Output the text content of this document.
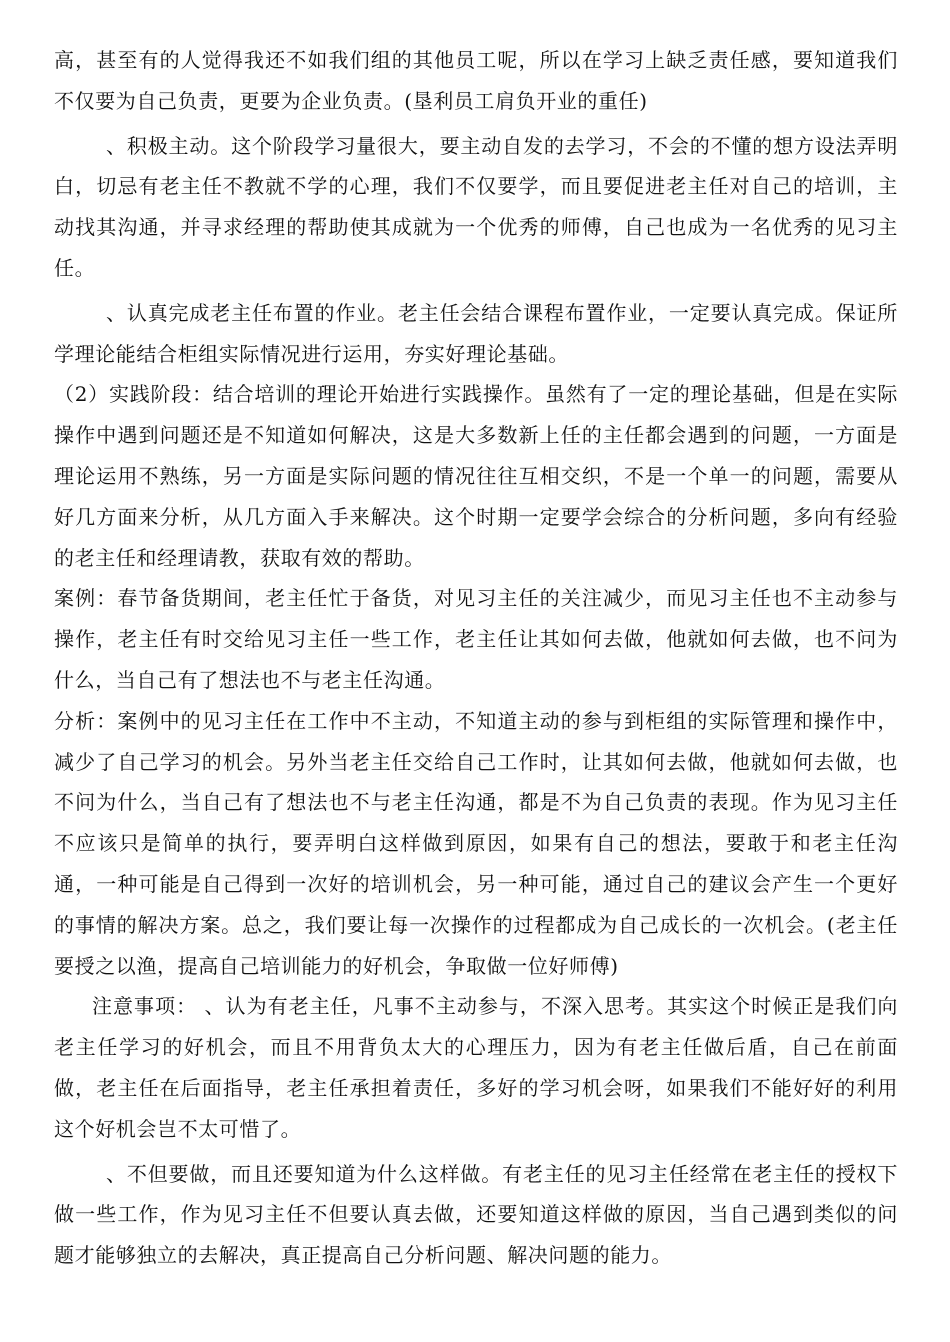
高，甚至有的人觉得我还不如我们组的其他员工呢，所以在学习上缺乏责任感，要知道我们不仅要为自己负责，更要为企业负责。(垦利员工肩负开业的重任)

、积极主动。这个阶段学习量很大，要主动自发的去学习，不会的不懂的想方设法弄明白，切忌有老主任不教就不学的心理，我们不仅要学，而且要促进老主任对自己的培训，主动找其沟通，并寻求经理的帮助使其成就为一个优秀的师傅，自己也成为一名优秀的见习主任。

、认真完成老主任布置的作业。老主任会结合课程布置作业，一定要认真完成。保证所学理论能结合柜组实际情况进行运用，夯实好理论基础。

（2）实践阶段：结合培训的理论开始进行实践操作。虽然有了一定的理论基础，但是在实际操作中遇到问题还是不知道如何解决，这是大多数新上任的主任都会遇到的问题，一方面是理论运用不熟练，另一方面是实际问题的情况往往互相交织，不是一个单一的问题，需要从好几方面来分析，从几方面入手来解决。这个时期一定要学会综合的分析问题，多向有经验的老主任和经理请教，获取有效的帮助。

案例：春节备货期间，老主任忙于备货，对见习主任的关注减少，而见习主任也不主动参与操作，老主任有时交给见习主任一些工作，老主任让其如何去做，他就如何去做，也不问为什么，当自己有了想法也不与老主任沟通。

分析：案例中的见习主任在工作中不主动，不知道主动的参与到柜组的实际管理和操作中，减少了自己学习的机会。另外当老主任交给自己工作时，让其如何去做，他就如何去做，也不问为什么，当自己有了想法也不与老主任沟通，都是不为自己负责的表现。作为见习主任不应该只是简单的执行，要弄明白这样做到原因，如果有自己的想法，要敢于和老主任沟通，一种可能是自己得到一次好的培训机会，另一种可能，通过自己的建议会产生一个更好的事情的解决方案。总之，我们要让每一次操作的过程都成为自己成长的一次机会。(老主任要授之以渔，提高自己培训能力的好机会，争取做一位好师傅)

注意事项： 、认为有老主任，凡事不主动参与，不深入思考。其实这个时候正是我们向老主任学习的好机会，而且不用背负太大的心理压力，因为有老主任做后盾，自己在前面做，老主任在后面指导，老主任承担着责任，多好的学习机会呀，如果我们不能好好的利用这个好机会岂不太可惜了。

、不但要做，而且还要知道为什么这样做。有老主任的见习主任经常在老主任的授权下做一些工作，作为见习主任不但要认真去做，还要知道这样做的原因，当自己遇到类似的问题才能够独立的去解决，真正提高自己分析问题、解决问题的能力。
